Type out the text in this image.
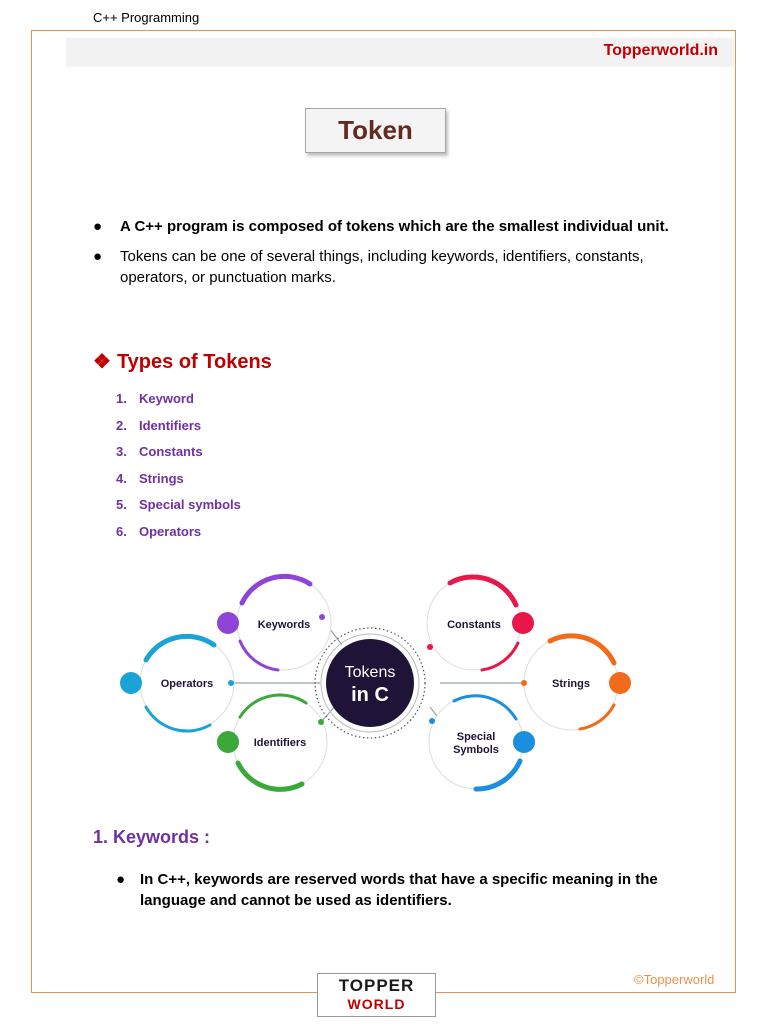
C++ Programming
Topperworld.in
Token
● A C++ program is composed of tokens which are the smallest individual unit.
● Tokens can be one of several things, including keywords, identifiers, constants, operators, or punctuation marks.
❖ Types of Tokens
1. Keyword
2. Identifiers
3. Constants
4. Strings
5. Special symbols
6. Operators
Tokens
in C
Keywords	Constants
Operators	Strings
Identifiers	Special
Symbols
1. Keywords :
● In C++, keywords are reserved words that have a specific meaning in the language and cannot be used as identifiers.
©Topperworld
TOPPER
WORLD
